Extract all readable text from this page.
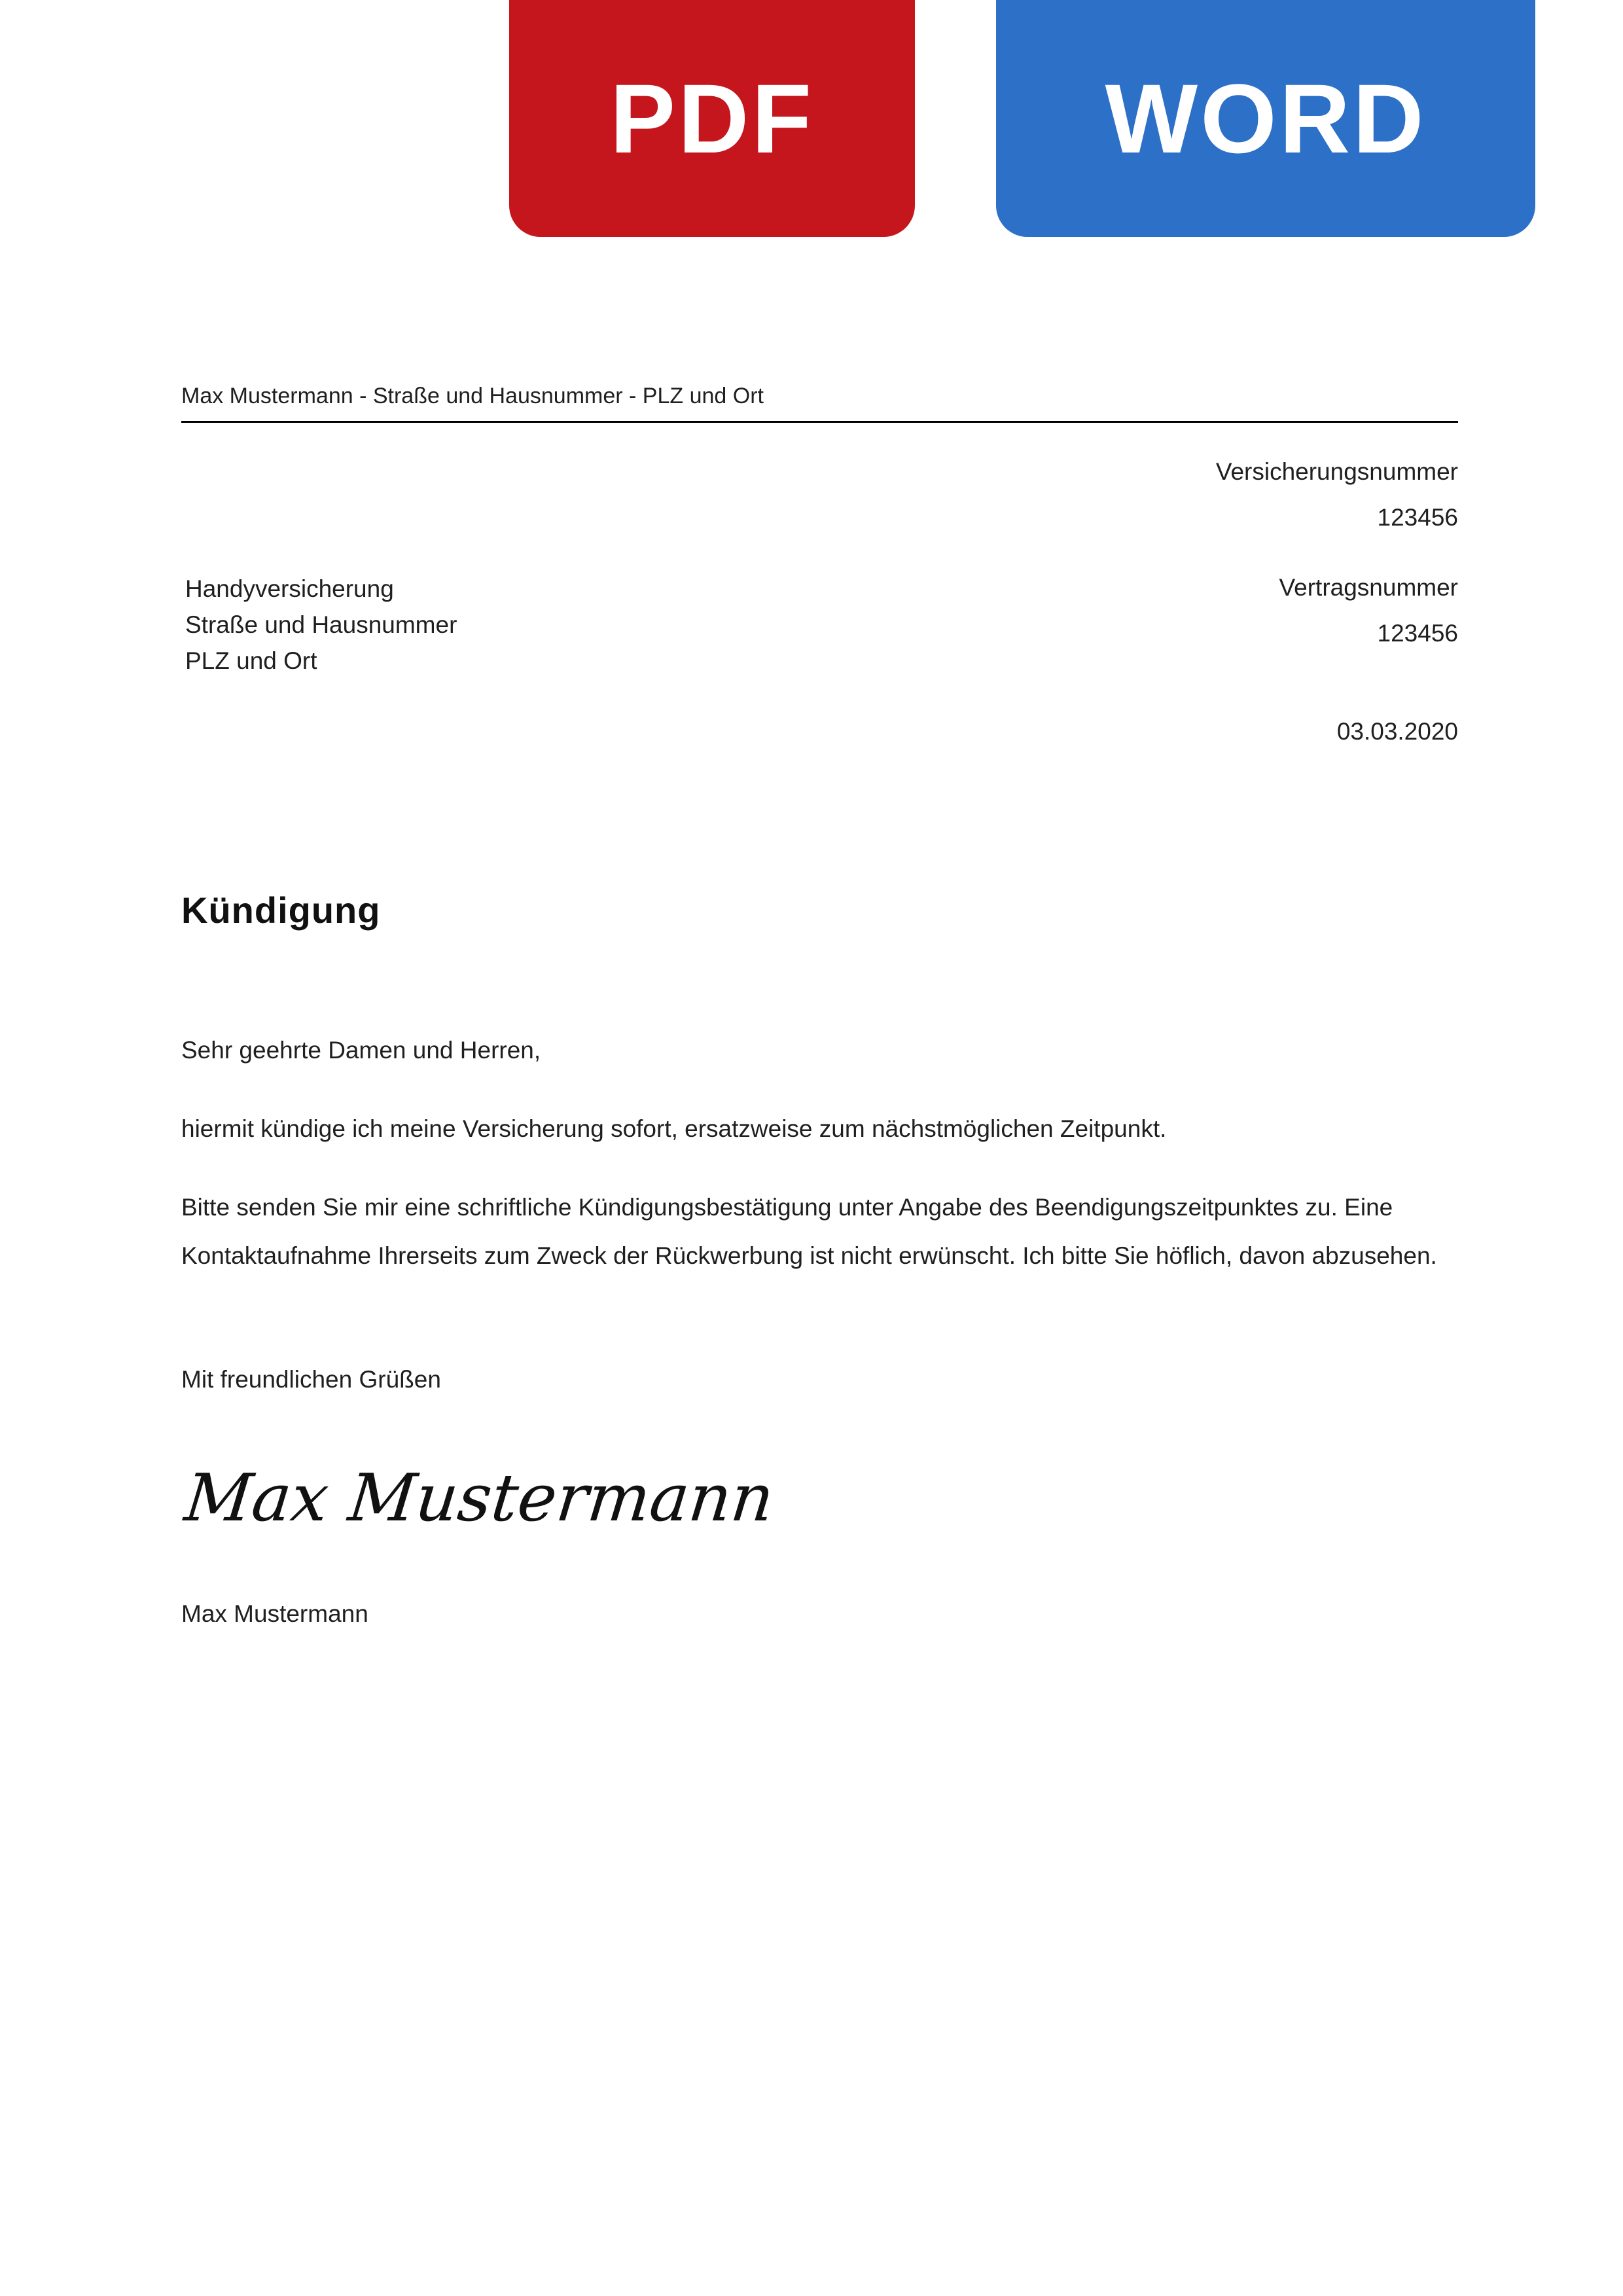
PDF	WORD
Max Mustermann - Straße und Hausnummer - PLZ und Ort
Versicherungsnummer
123456
Handyversicherung
Straße und Hausnummer
PLZ und Ort
Vertragsnummer
123456
03.03.2020
Kündigung
Sehr geehrte Damen und Herren,

hiermit kündige ich meine Versicherung sofort, ersatzweise zum nächstmöglichen Zeitpunkt.

Bitte senden Sie mir eine schriftliche Kündigungsbestätigung unter Angabe des Beendigungszeitpunktes zu. Eine Kontaktaufnahme Ihrerseits zum Zweck der Rückwerbung ist nicht erwünscht. Ich bitte Sie höflich, davon abzusehen.

Mit freundlichen Grüßen
Max Mustermann
Max Mustermann
